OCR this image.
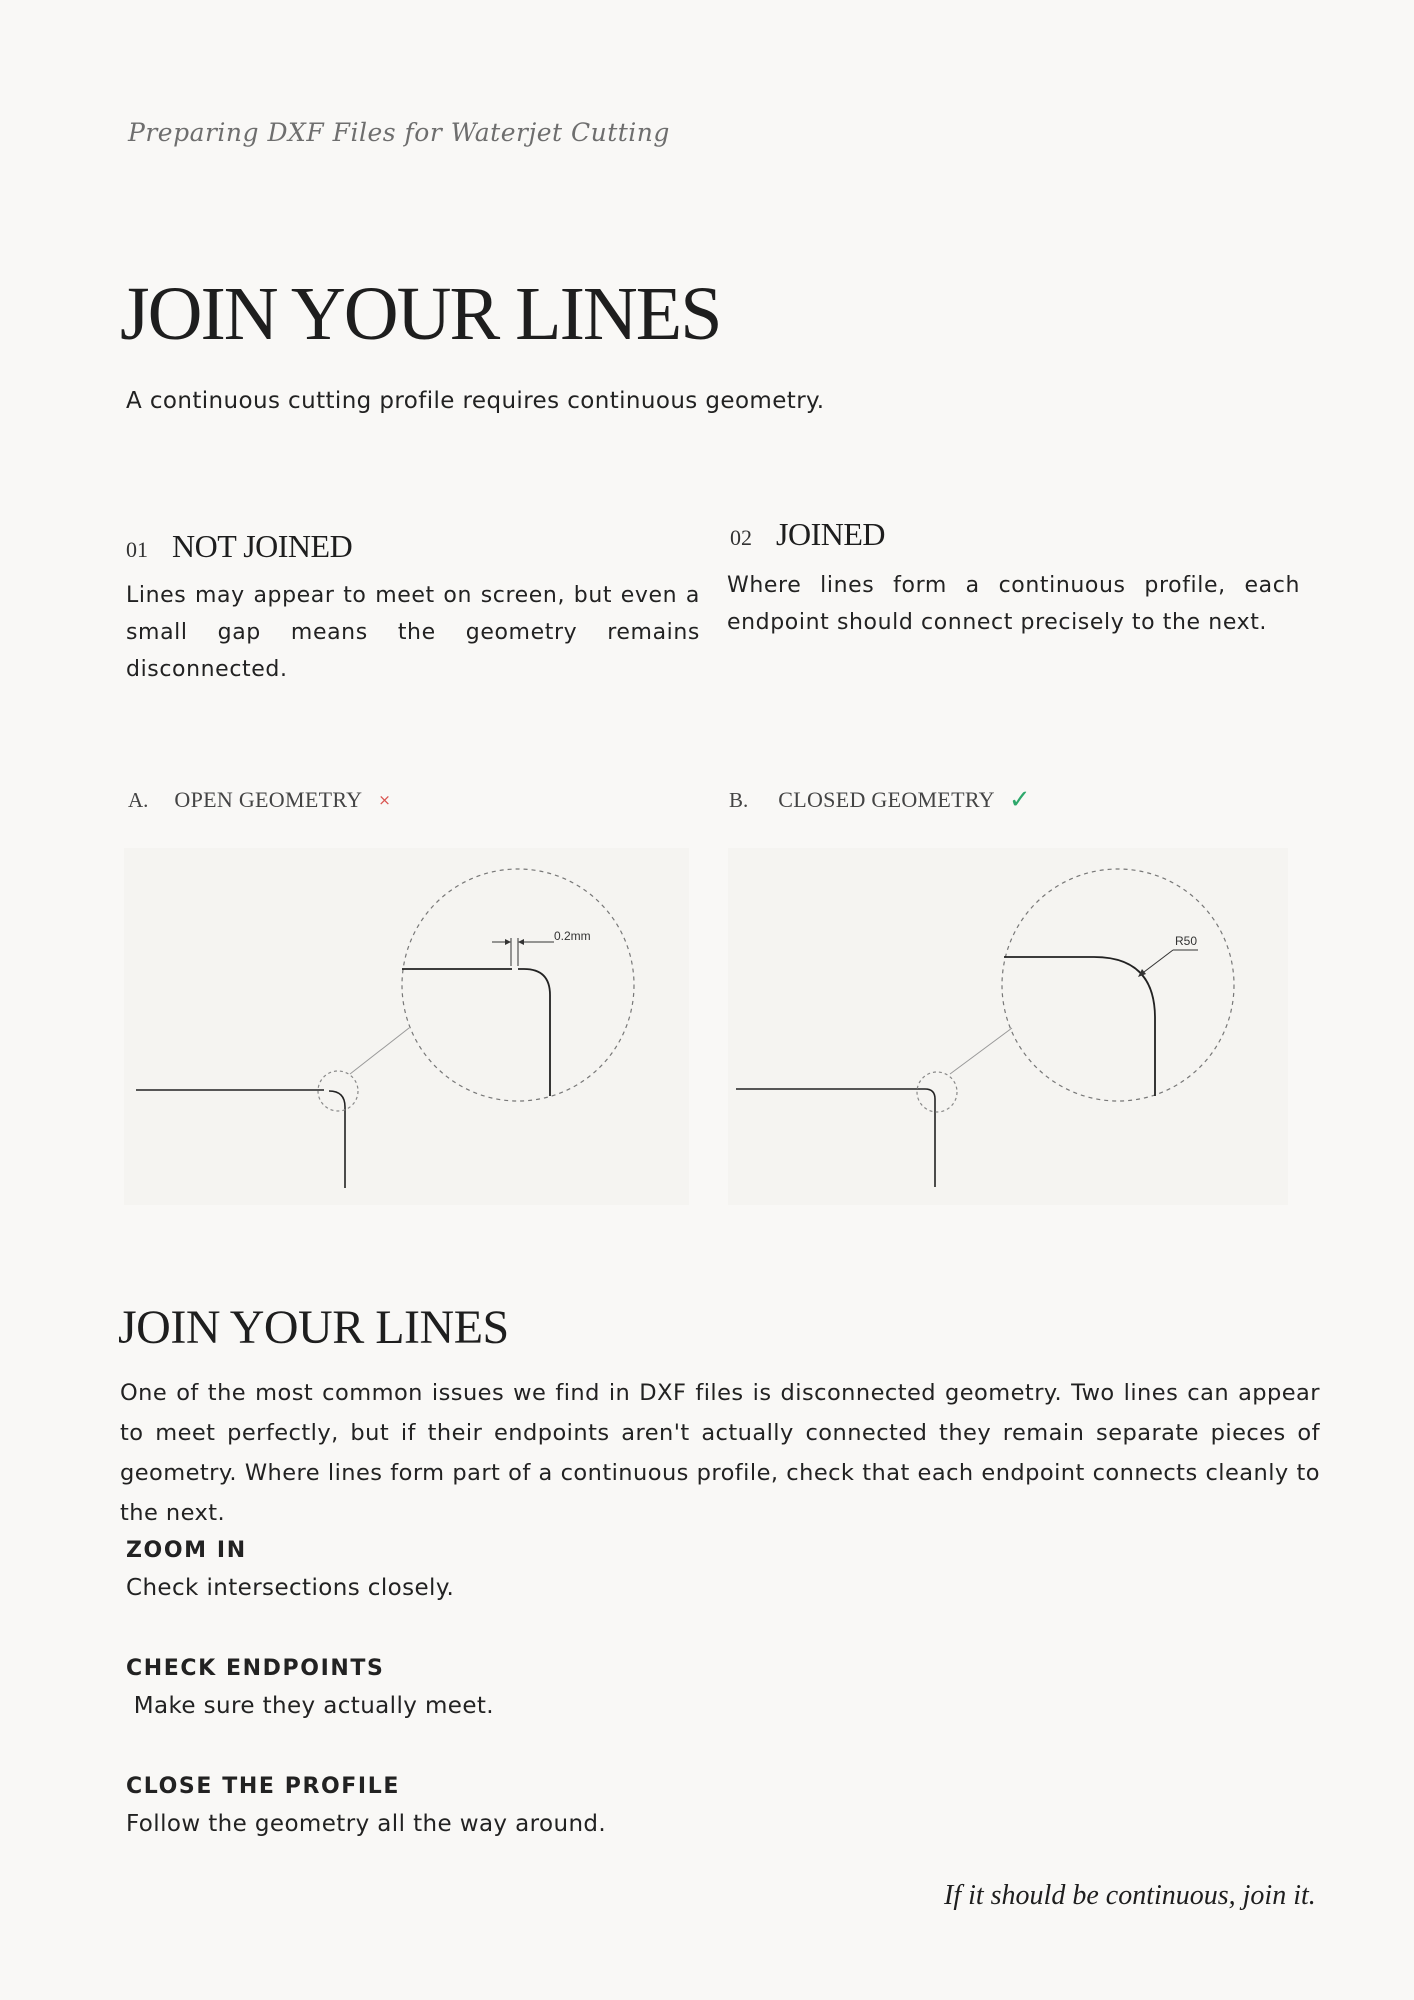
Preparing DXF Files for Waterjet Cutting
JOIN YOUR LINES
A continuous cutting profile requires continuous geometry.
01 NOT JOINED
Lines may appear to meet on screen, but even a small gap means the geometry remains disconnected.
02 JOINED
Where lines form a continuous profile, each endpoint should connect precisely to the next.
A. OPEN GEOMETRY ×	B. CLOSED GEOMETRY ✓
0.2mm	R50
JOIN YOUR LINES
One of the most common issues we find in DXF files is disconnected geometry. Two lines can appear to meet perfectly, but if their endpoints aren't actually connected they remain separate pieces of geometry. Where lines form part of a continuous profile, check that each endpoint connects cleanly to the next.
ZOOM IN
Check intersections closely.
CHECK ENDPOINTS
Make sure they actually meet.
CLOSE THE PROFILE
Follow the geometry all the way around.
If it should be continuous, join it.
